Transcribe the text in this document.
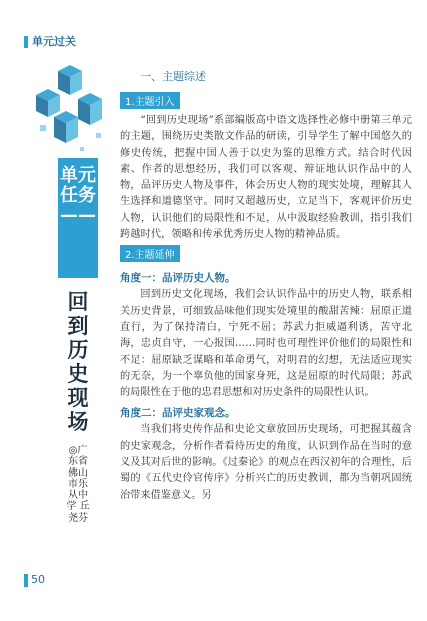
单元过关
单元任务——
回到历史现场
◎广东省佛山市乐从中学 丘尧芬
一、主题综述
1.主题引入

“回到历史现场”系部编版高中语文选择性必修中册第三单元的主题，围绕历史类散文作品的研读，引导学生了解中国悠久的修史传统，把握中国人善于以史为鉴的思维方式。结合时代因素、作者的思想经历，我们可以客观、辩证地认识作品中的人物，品评历史人物及事件，体会历史人物的现实处境，理解其人生选择和道德坚守。同时又超越历史，立足当下，客观评价历史人物，认识他们的局限性和不足，从中汲取经验教训，指引我们跨越时代，领略和传承优秀历史人物的精神品质。

2.主题延伸
角度一：品评历史人物。

回到历史文化现场，我们会认识作品中的历史人物，联系相关历史背景，可细致品味他们现实处境里的酸甜苦辣：屈原正道直行，为了保持清白，宁死不屈；苏武力拒威逼利诱，苦守北海，忠贞自守，一心报国……同时也可理性评价他们的局限性和不足：屈原缺乏谋略和革命勇气，对明君的幻想，无法适应现实的无奈，为一个辜负他的国家身死，这是屈原的时代局限；苏武的局限性在于他的忠君思想和对历史条件的局限性认识。

角度二：品评史家观念。

当我们将史传作品和史论文章放回历史现场，可把握其蕴含的史家观念，分析作者看待历史的角度，认识到作品在当时的意义及其对后世的影响。《过秦论》的观点在西汉初年的合理性，后蜀的《五代史伶官传序》分析兴亡的历史教训，都为当朝巩固统治带来借鉴意义。另

50
